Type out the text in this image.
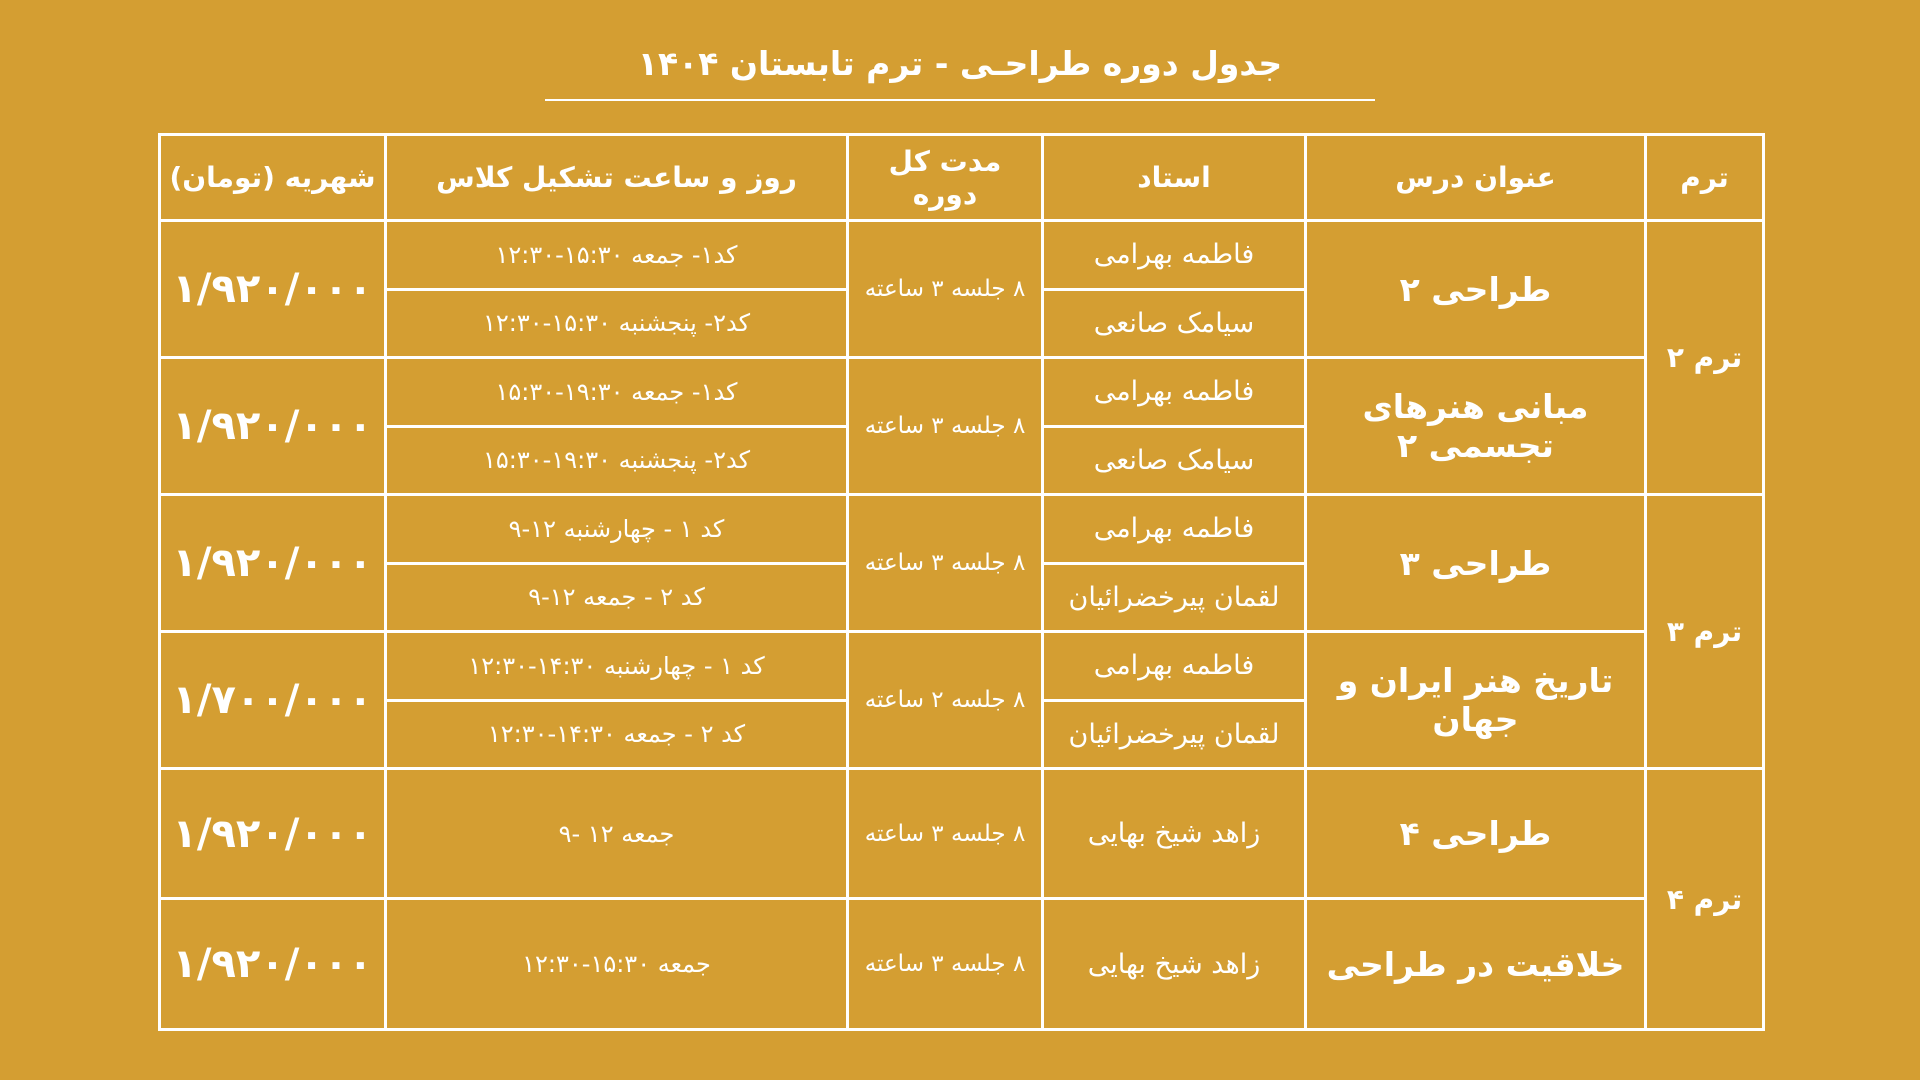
جدول دوره طراحـی - ترم تابستان ۱۴۰۴
ترم	عنوان درس	استاد	مدت کل دوره	روز و ساعت تشکیل کلاس	شهریه (تومان)
ترم ۲	طراحی ۲	فاطمه بهرامی	۸ جلسه ۳ ساعته	کد۱- جمعه ۱۵:۳۰-۱۲:۳۰	۱/۹۲۰/۰۰۰
		سیامک صانعی		کد۲- پنجشنبه ۱۵:۳۰-۱۲:۳۰	
	مبانی هنرهای تجسمی ۲	فاطمه بهرامی	۸ جلسه ۳ ساعته	کد۱- جمعه ۱۹:۳۰-۱۵:۳۰	۱/۹۲۰/۰۰۰
		سیامک صانعی		کد۲- پنجشنبه ۱۹:۳۰-۱۵:۳۰	
ترم ۳	طراحی ۳	فاطمه بهرامی	۸ جلسه ۳ ساعته	کد ۱ - چهارشنبه ۱۲-۹	۱/۹۲۰/۰۰۰
		لقمان پیرخضرائیان		کد ۲ - جمعه ۱۲-۹	
	تاریخ هنر ایران و جهان	فاطمه بهرامی	۸ جلسه ۲ ساعته	کد ۱ - چهارشنبه ۱۴:۳۰-۱۲:۳۰	۱/۷۰۰/۰۰۰
		لقمان پیرخضرائیان		کد ۲ - جمعه ۱۴:۳۰-۱۲:۳۰	
ترم ۴	طراحی ۴	زاهد شیخ بهایی	۸ جلسه ۳ ساعته	جمعه ۱۲ -۹	۱/۹۲۰/۰۰۰
	خلاقیت در طراحی	زاهد شیخ بهایی	۸ جلسه ۳ ساعته	جمعه ۱۵:۳۰-۱۲:۳۰	۱/۹۲۰/۰۰۰
